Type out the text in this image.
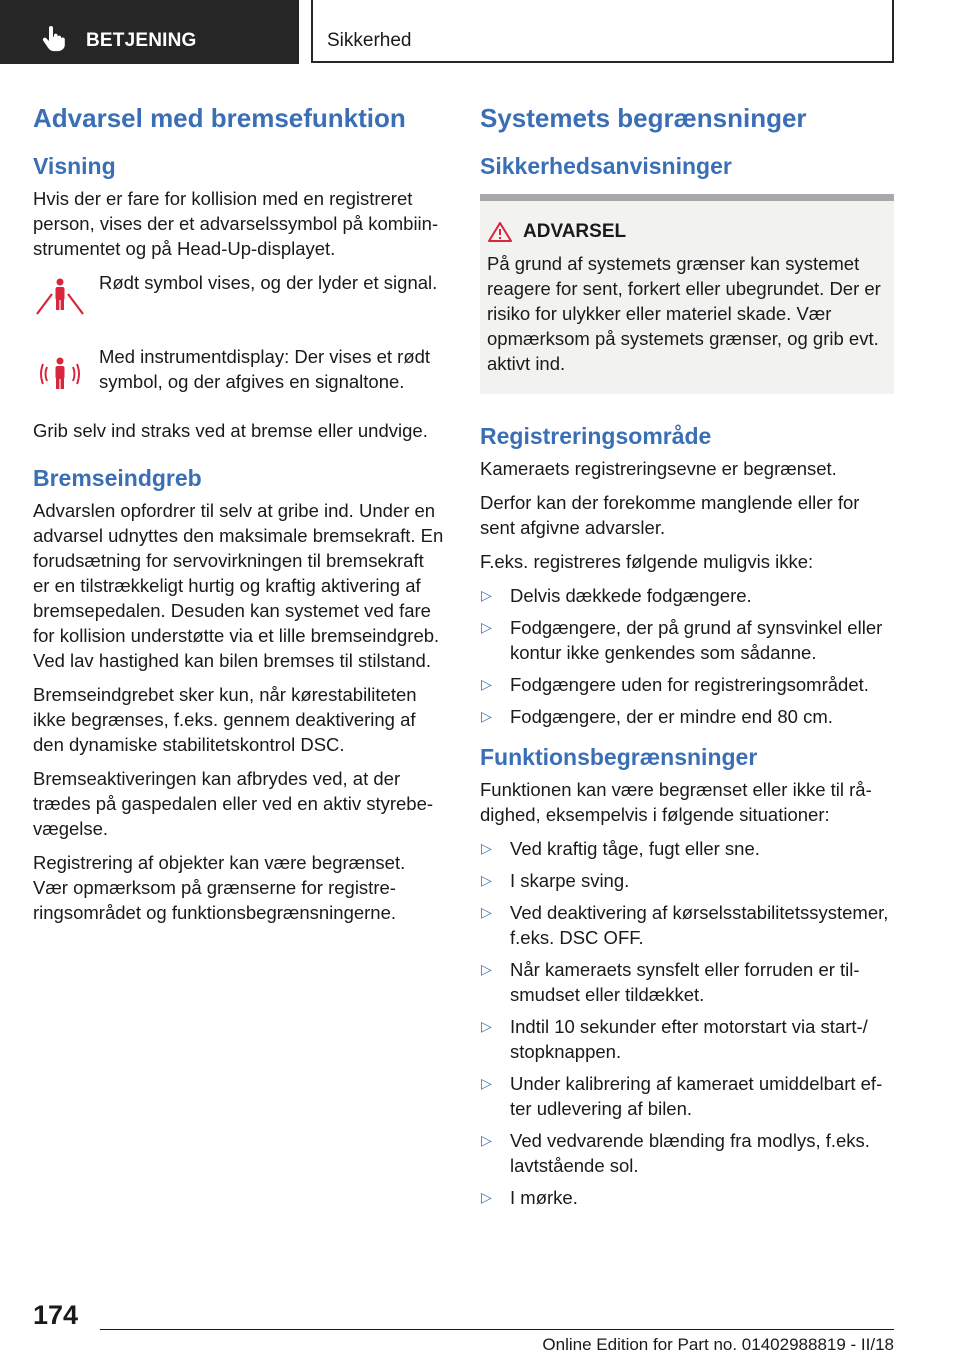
BETJENING	Sikkerhed
Advarsel med bremsefunktion
Visning

Hvis der er fare for kollision med en registreret person, vises der et advarselssymbol på kombiinstrumentet og på Head-Up-displayet.

Rødt symbol vises, og der lyder et signal.

Med instrumentdisplay: Der vises et rødt symbol, og der afgives en signaltone.

Grib selv ind straks ved at bremse eller undvige.

Bremseindgreb

Advarslen opfordrer til selv at gribe ind. Under en advarsel udnyttes den maksimale bremsekraft. En forudsætning for servovirkningen til bremsekraft er en tilstrækkeligt hurtig og kraftig aktivering af bremsepedalen. Desuden kan systemet ved fare for kollision understøtte via et lille bremseindgreb. Ved lav hastighed kan bilen bremses til stilstand.

Bremseindgrebet sker kun, når kørestabiliteten ikke begrænses, f.eks. gennem deaktivering af den dynamiske stabilitetskontrol DSC.

Bremseaktiveringen kan afbrydes ved, at der trædes på gaspedalen eller ved en aktiv styrebevægelse.

Registrering af objekter kan være begrænset. Vær opmærksom på grænserne for registreringsområdet og funktionsbegrænsningerne.

Systemets begrænsninger
Sikkerhedsanvisninger
ADVARSEL

På grund af systemets grænser kan systemet reagere for sent, forkert eller ubegrundet. Der er risiko for ulykker eller materiel skade. Vær opmærksom på systemets grænser, og grib evt. aktivt ind.

Registreringsområde

Kameraets registreringsevne er begrænset.

Derfor kan der forekomme manglende eller for sent afgivne advarsler.

F.eks. registreres følgende muligvis ikke:

▷ Delvis dækkede fodgængere.
▷ Fodgængere, der på grund af synsvinkel eller kontur ikke genkendes som sådanne.
▷ Fodgængere uden for registreringsområdet.
▷ Fodgængere, der er mindre end 80 cm.
Funktionsbegrænsninger

Funktionen kan være begrænset eller ikke til rådighed, eksempelvis i følgende situationer:

▷ Ved kraftig tåge, fugt eller sne.
▷ I skarpe sving.
▷ Ved deaktivering af kørselsstabilitetssystemer, f.eks. DSC OFF.
▷ Når kameraets synsfelt eller forruden er tilsmudset eller tildækket.
▷ Indtil 10 sekunder efter motorstart via start-/ stopknappen.
▷ Under kalibrering af kameraet umiddelbart efter udlevering af bilen.
▷ Ved vedvarende blænding fra modlys, f.eks. lavtstående sol.
▷ I mørke.
174
Online Edition for Part no. 01402988819 - II/18
